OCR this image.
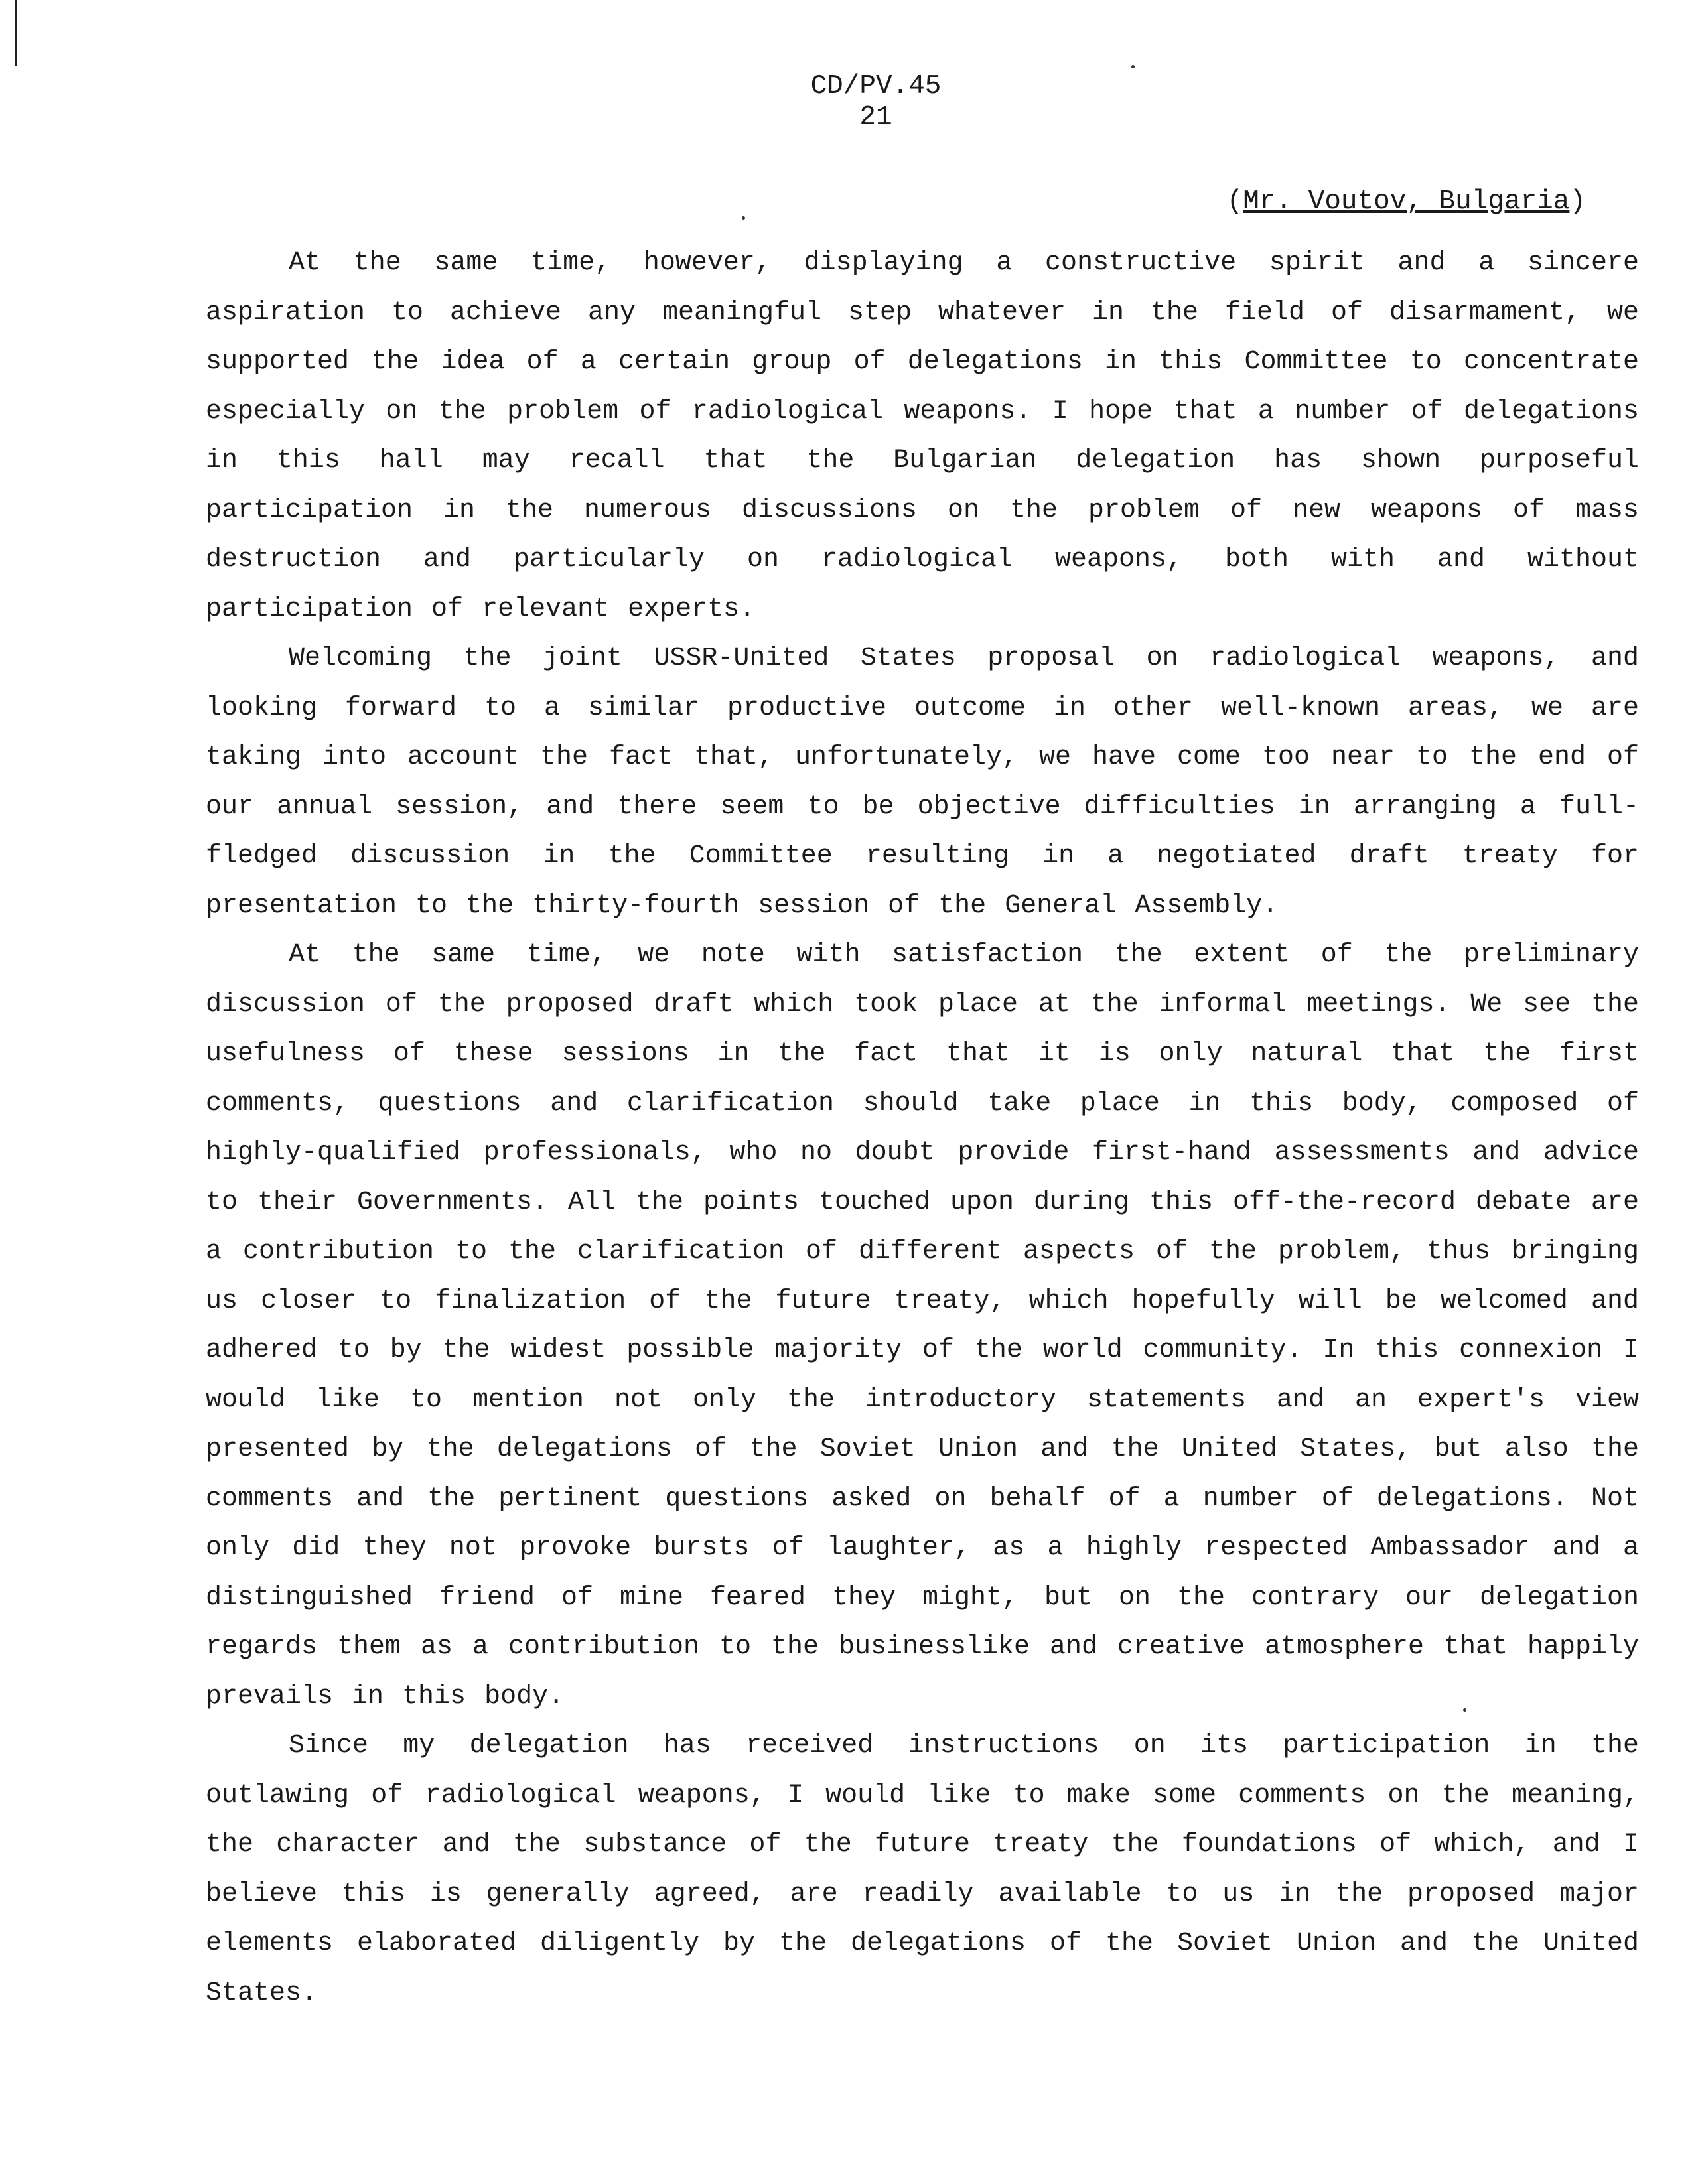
CD/PV.45
21
(Mr. Voutov, Bulgaria)

At the same time, however, displaying a constructive spirit and a sincere aspiration to achieve any meaningful step whatever in the field of disarmament, we supported the idea of a certain group of delegations in this Committee to concentrate especially on the problem of radiological weapons. I hope that a number of delegations in this hall may recall that the Bulgarian delegation has shown purposeful participation in the numerous discussions on the problem of new weapons of mass destruction and particularly on radiological weapons, both with and without participation of relevant experts.

Welcoming the joint USSR-United States proposal on radiological weapons, and looking forward to a similar productive outcome in other well-known areas, we are taking into account the fact that, unfortunately, we have come too near to the end of our annual session, and there seem to be objective difficulties in arranging a full-fledged discussion in the Committee resulting in a negotiated draft treaty for presentation to the thirty-fourth session of the General Assembly.

At the same time, we note with satisfaction the extent of the preliminary discussion of the proposed draft which took place at the informal meetings. We see the usefulness of these sessions in the fact that it is only natural that the first comments, questions and clarification should take place in this body, composed of highly-qualified professionals, who no doubt provide first-hand assessments and advice to their Governments. All the points touched upon during this off-the-record debate are a contribution to the clarification of different aspects of the problem, thus bringing us closer to finalization of the future treaty, which hopefully will be welcomed and adhered to by the widest possible majority of the world community. In this connexion I would like to mention not only the introductory statements and an expert's view presented by the delegations of the Soviet Union and the United States, but also the comments and the pertinent questions asked on behalf of a number of delegations. Not only did they not provoke bursts of laughter, as a highly respected Ambassador and a distinguished friend of mine feared they might, but on the contrary our delegation regards them as a contribution to the businesslike and creative atmosphere that happily prevails in this body.

Since my delegation has received instructions on its participation in the outlawing of radiological weapons, I would like to make some comments on the meaning, the character and the substance of the future treaty the foundations of which, and I believe this is generally agreed, are readily available to us in the proposed major elements elaborated diligently by the delegations of the Soviet Union and the United States.
